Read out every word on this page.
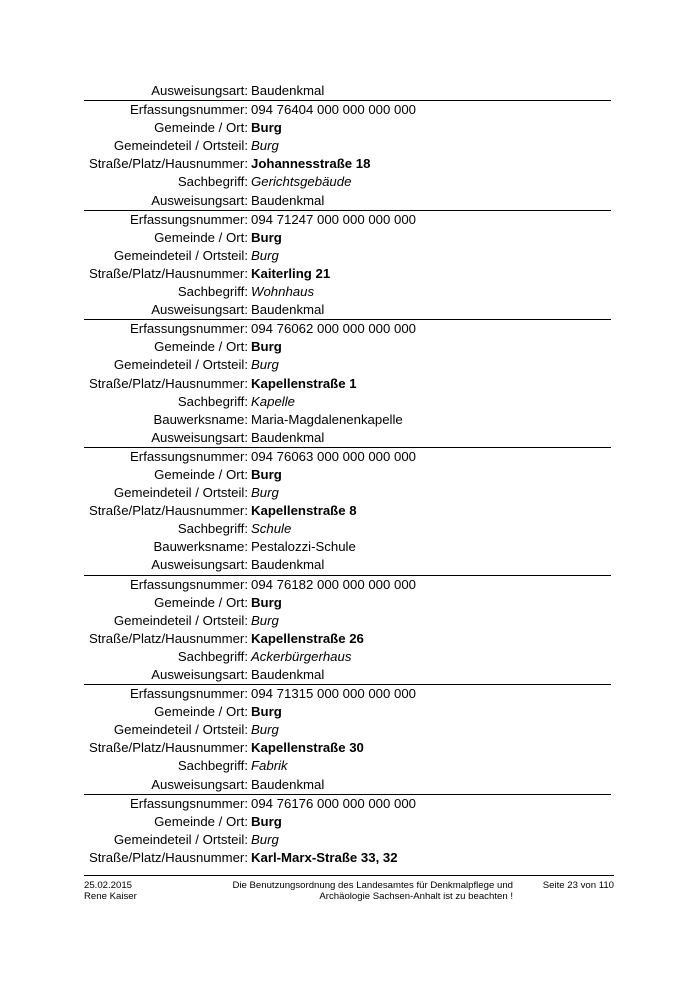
Ausweisungsart: Baudenkmal
Erfassungsnummer: 094 76404 000 000 000 000
Gemeinde / Ort: Burg
Gemeindeteil / Ortsteil: Burg
Straße/Platz/Hausnummer: Johannesstraße 18
Sachbegriff: Gerichtsgebäude
Ausweisungsart: Baudenkmal
Erfassungsnummer: 094 71247 000 000 000 000
Gemeinde / Ort: Burg
Gemeindeteil / Ortsteil: Burg
Straße/Platz/Hausnummer: Kaiterling 21
Sachbegriff: Wohnhaus
Ausweisungsart: Baudenkmal
Erfassungsnummer: 094 76062 000 000 000 000
Gemeinde / Ort: Burg
Gemeindeteil / Ortsteil: Burg
Straße/Platz/Hausnummer: Kapellenstraße 1
Sachbegriff: Kapelle
Bauwerksname: Maria-Magdalenenkapelle
Ausweisungsart: Baudenkmal
Erfassungsnummer: 094 76063 000 000 000 000
Gemeinde / Ort: Burg
Gemeindeteil / Ortsteil: Burg
Straße/Platz/Hausnummer: Kapellenstraße 8
Sachbegriff: Schule
Bauwerksname: Pestalozzi-Schule
Ausweisungsart: Baudenkmal
Erfassungsnummer: 094 76182 000 000 000 000
Gemeinde / Ort: Burg
Gemeindeteil / Ortsteil: Burg
Straße/Platz/Hausnummer: Kapellenstraße 26
Sachbegriff: Ackerbürgerhaus
Ausweisungsart: Baudenkmal
Erfassungsnummer: 094 71315 000 000 000 000
Gemeinde / Ort: Burg
Gemeindeteil / Ortsteil: Burg
Straße/Platz/Hausnummer: Kapellenstraße 30
Sachbegriff: Fabrik
Ausweisungsart: Baudenkmal
Erfassungsnummer: 094 76176 000 000 000 000
Gemeinde / Ort: Burg
Gemeindeteil / Ortsteil: Burg
Straße/Platz/Hausnummer: Karl-Marx-Straße 33, 32
25.02.2015
Rene Kaiser
Die Benutzungsordnung des Landesamtes für Denkmalpflege und
Archäologie Sachsen-Anhalt ist zu beachten !
Seite 23 von 110
